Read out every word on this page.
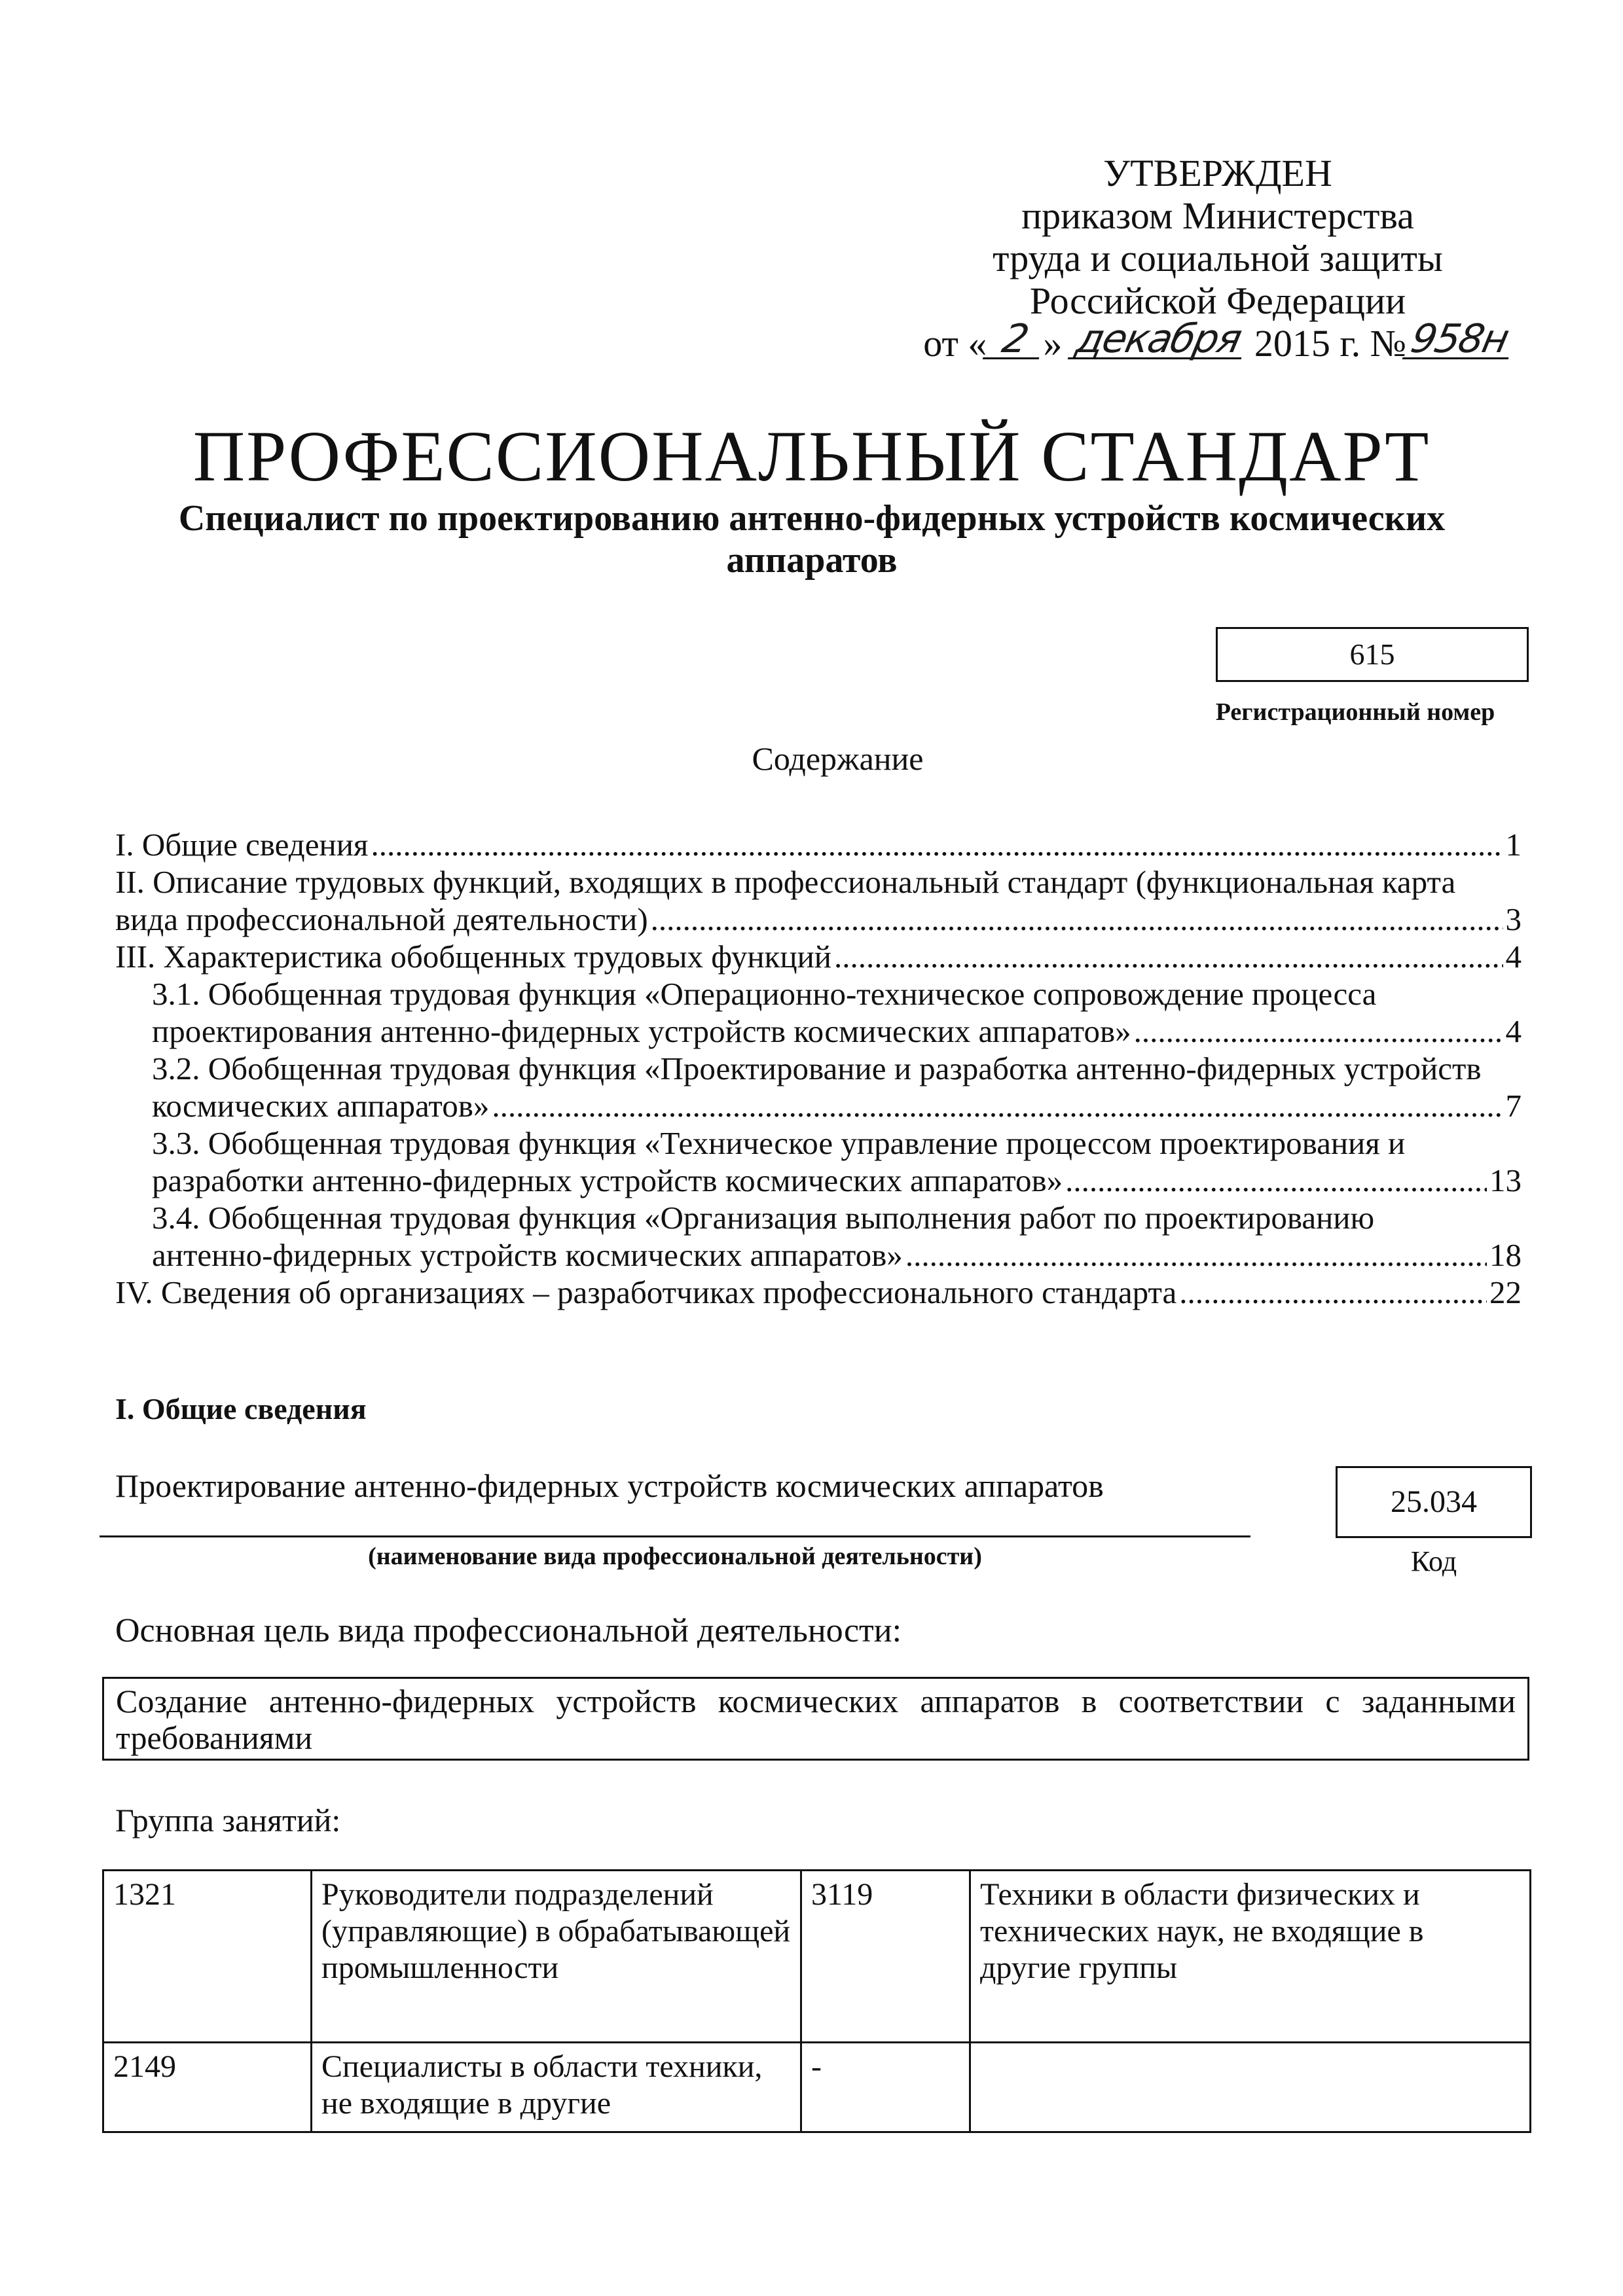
УТВЕРЖДЕН
приказом Министерства
труда и социальной защиты
Российской Федерации
от « 2 » декабря 2015 г. №958н
ПРОФЕССИОНАЛЬНЫЙ СТАНДАРТ
Специалист по проектированию антенно-фидерных устройств космических аппаратов
615
Регистрационный номер
Содержание
I. Общие сведения .....	1
II. Описание трудовых функций, входящих в профессиональный стандарт (функциональная карта
вида профессиональной деятельности) .....	3
III. Характеристика обобщенных трудовых функций .....	4
3.1. Обобщенная трудовая функция «Операционно-техническое сопровождение процесса
проектирования антенно-фидерных устройств космических аппаратов» .....	4
3.2. Обобщенная трудовая функция «Проектирование и разработка антенно-фидерных устройств
космических аппаратов» .....	7
3.3. Обобщенная трудовая функция «Техническое управление процессом проектирования и
разработки антенно-фидерных устройств космических аппаратов» .....	13
3.4. Обобщенная трудовая функция «Организация выполнения работ по проектированию
антенно-фидерных устройств космических аппаратов» .....	18
IV. Сведения об организациях – разработчиках профессионального стандарта .....	22
I. Общие сведения
Проектирование антенно-фидерных устройств космических аппаратов
(наименование вида профессиональной деятельности)
25.034
Код
Основная цель вида профессиональной деятельности:
Создание антенно-фидерных устройств космических аппаратов в соответствии с заданными требованиями
Группа занятий:
1321	Руководители подразделений (управляющие) в обрабатывающей промышленности	3119	Техники в области физических и технических наук, не входящие в другие группы
2149	Специалисты в области техники, не входящие в другие	-	
